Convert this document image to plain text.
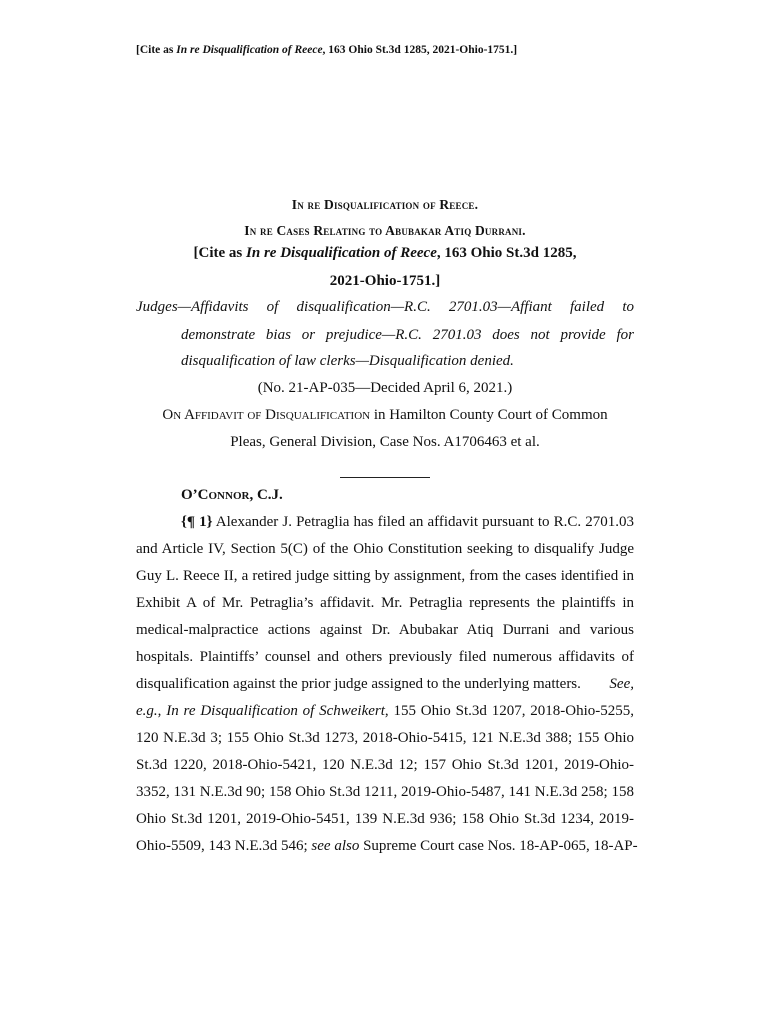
[Cite as In re Disqualification of Reece, 163 Ohio St.3d 1285, 2021-Ohio-1751.]
In re Disqualification of Reece.
In re Cases Relating to Abubakar Atiq Durrani.
[Cite as In re Disqualification of Reece, 163 Ohio St.3d 1285,
2021-Ohio-1751.]
Judges—Affidavits of disqualification—R.C. 2701.03—Affiant failed to
demonstrate bias or prejudice—R.C. 2701.03 does not provide for
disqualification of law clerks—Disqualification denied.
(No. 21-AP-035—Decided April 6, 2021.)
On Affidavit of Disqualification in Hamilton County Court of Common
Pleas, General Division, Case Nos. A1706463 et al.
O’Connor, C.J.
{¶ 1} Alexander J. Petraglia has filed an affidavit pursuant to R.C. 2701.03
and Article IV, Section 5(C) of the Ohio Constitution seeking to disqualify Judge
Guy L. Reece II, a retired judge sitting by assignment, from the cases identified in
Exhibit A of Mr. Petraglia’s affidavit. Mr. Petraglia represents the plaintiffs in
medical-malpractice actions against Dr. Abubakar Atiq Durrani and various
hospitals. Plaintiffs’ counsel and others previously filed numerous affidavits of
disqualification against the prior judge assigned to the underlying matters. See,
e.g., In re Disqualification of Schweikert, 155 Ohio St.3d 1207, 2018-Ohio-5255,
120 N.E.3d 3; 155 Ohio St.3d 1273, 2018-Ohio-5415, 121 N.E.3d 388; 155 Ohio
St.3d 1220, 2018-Ohio-5421, 120 N.E.3d 12; 157 Ohio St.3d 1201, 2019-Ohio-
3352, 131 N.E.3d 90; 158 Ohio St.3d 1211, 2019-Ohio-5487, 141 N.E.3d 258; 158
Ohio St.3d 1201, 2019-Ohio-5451, 139 N.E.3d 936; 158 Ohio St.3d 1234, 2019-
Ohio-5509, 143 N.E.3d 546; see also Supreme Court case Nos. 18-AP-065, 18-AP-
